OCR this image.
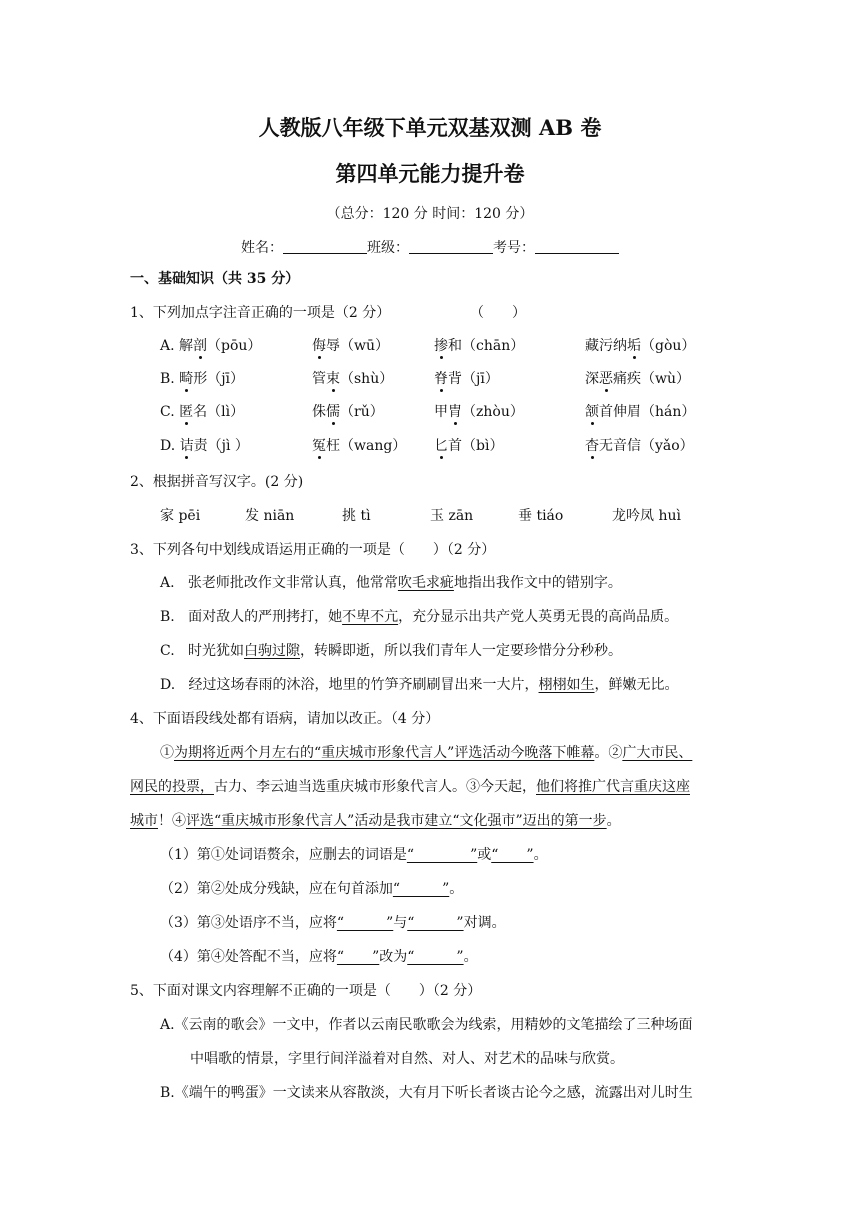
人教版八年级下单元双基双测 AB 卷
第四单元能力提升卷
（总分：120 分 时间：120 分）
姓名：	班级：	考号：
一、基础知识（共 35 分）
1、下列加点字注音正确的一项是（2 分）	（　　）
A. 解剖（pōu）	侮辱（wū）	掺和（chān）	藏污纳垢（gòu）
B. 畸形（jī）	管束（shù）	脊背（jī）	深恶痛疾（wù）
C. 匿名（lì）	侏儒（rǔ）	甲胄（zhòu）	颔首伸眉（hán）
D. 诘责（jì ）	冤枉（wang） 匕首（bì）	杳无音信（yǎo）
2、根据拼音写汉字。(2 分)
家 pēi	发 niān	挑 tì	玉 zān	垂 tiáo	龙吟凤 huì
3、下列各句中划线成语运用正确的一项是（　　）（2 分）
A. 张老师批改作文非常认真，他常常吹毛求疵地指出我作文中的错别字。
B. 面对敌人的严刑拷打，她不卑不亢，充分显示出共产党人英勇无畏的高尚品质。
C. 时光犹如白驹过隙，转瞬即逝，所以我们青年人一定要珍惜分分秒秒。
D. 经过这场春雨的沐浴，地里的竹笋齐刷刷冒出来一大片，栩栩如生，鲜嫩无比。
4、下面语段线处都有语病，请加以改正。（4 分）
①为期将近两个月左右的“重庆城市形象代言人”评选活动今晚落下帷幕。②广大市民、
网民的投票，古力、李云迪当选重庆城市形象代言人。③今天起，他们将推广代言重庆这座
城市！④评选“重庆城市形象代言人”活动是我市建立“文化强市”迈出的第一步。
（1）第①处词语赘余，应删去的词语是“　　　　”或“　　”。
（2）第②处成分残缺，应在句首添加“　　　”。
（3）第③处语序不当，应将“　　　”与“　　　”对调。
（4）第④处答配不当，应将“　　”改为“　　　”。
5、下面对课文内容理解不正确的一项是（　　）（2 分）
A.《云南的歌会》一文中，作者以云南民歌歌会为线索，用精妙的文笔描绘了三种场面
中唱歌的情景，字里行间洋溢着对自然、对人、对艺术的品味与欣赏。
B.《端午的鸭蛋》一文读来从容散淡，大有月下听长者谈古论今之感，流露出对儿时生
